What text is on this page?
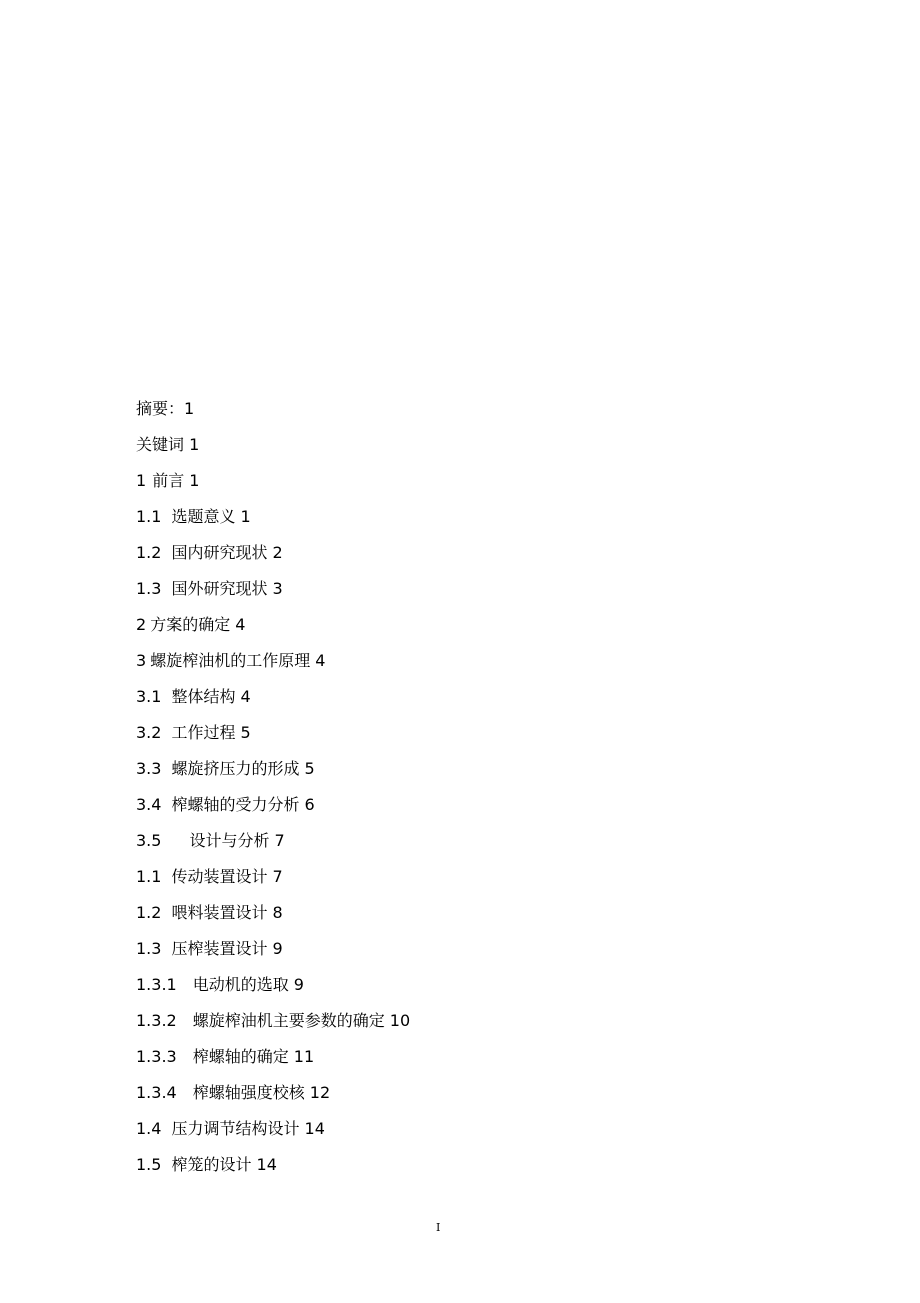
摘要：1
关键词 1
1 前言 1
1.1 选题意义 1
1.2 国内研究现状 2
1.3 国外研究现状 3
2 方案的确定 4
3 螺旋榨油机的工作原理 4
3.1 整体结构 4
3.2 工作过程 5
3.3 螺旋挤压力的形成 5
3.4 榨螺轴的受力分析 6
3.5 设计与分析 7
1.1 传动装置设计 7
1.2 喂料装置设计 8
1.3 压榨装置设计 9
1.3.1 电动机的选取 9
1.3.2 螺旋榨油机主要参数的确定 10
1.3.3 榨螺轴的确定 11
1.3.4 榨螺轴强度校核 12
1.4 压力调节结构设计 14
1.5 榨笼的设计 14
I
